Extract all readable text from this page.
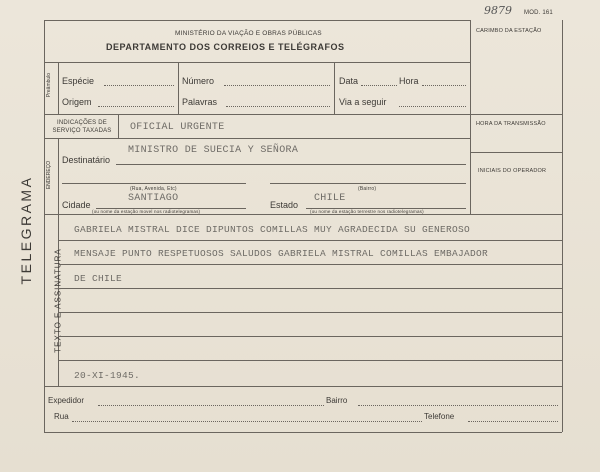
9879 MOD. 161
MINISTÉRIO DA VIAÇÃO E OBRAS PÚBLICAS
DEPARTAMENTO DOS CORREIOS E TELÉGRAFOS
CARIMBO DA ESTAÇÃO
TELEGRAMA
Preâmbulo Espécie	Número	Data	Hora
Origem	Palavras	Via a seguir
INDICAÇÕES DE SERVIÇO TAXADAS	OFICIAL URGENTE	HORA DA TRANSMISSÃO
INICIAIS DO OPERADOR
ENDEREÇO
Destinatário
MINISTRO DE SUECIA Y SEÑORA
(Rua, Avenida, Etc)	(Bairro)
Cidade
SANTIAGO
Estado
CHILE
(ou nome da estação movel nos radiotelegramas)	(ou nome da estação terrestre nos radiotelegramas)
TEXTO E ASSINATURA
GABRIELA MISTRAL DICE DIPUNTOS COMILLAS MUY AGRADECIDA SU GENEROSO
MENSAJE PUNTO RESPETUOSOS SALUDOS GABRIELA MISTRAL COMILLAS EMBAJADOR
DE CHILE
20-XI-1945.
Expedidor	Bairro
Rua	Telefone
